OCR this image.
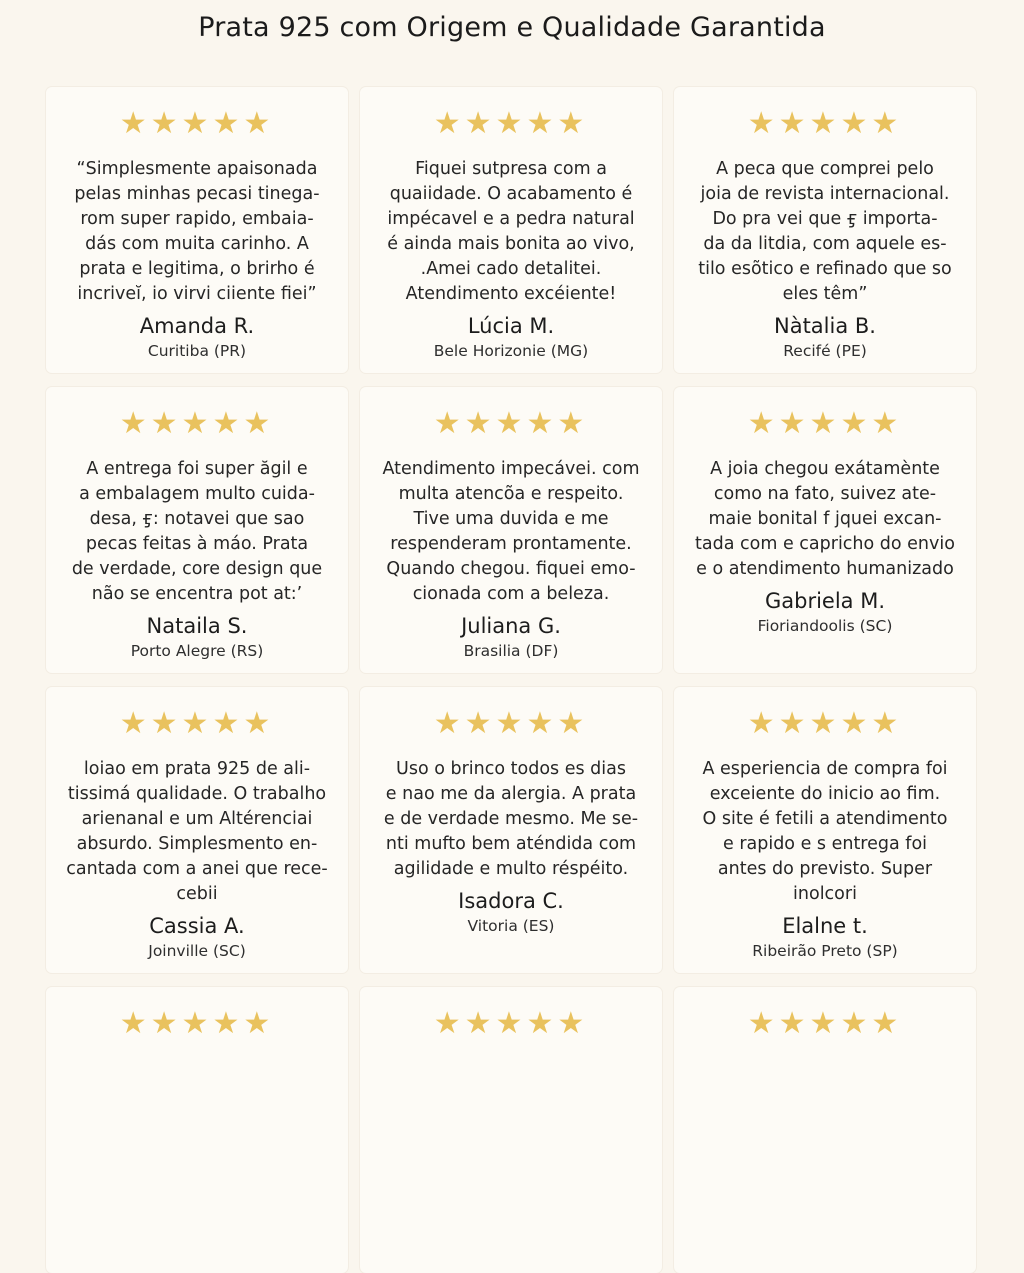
Prata 925 com Origem e Qualidade Garantida
★★★★★

“Simplesmente apaisonada
pelas minhas pecasi tinega-
rom super rapido, embaia-
dás com muita carinho. A
prata e legitima, o brirho é
incriveĭ, io virvi ciiente fiei”

Amanda R.
Curitiba (PR)
★★★★★

Fiquei sutpresa com a
quaiidade. O acabamento é
impécavel e a pedra natural
é ainda mais bonita ao vivo,
.Amei cado detalitei.
Atendimento excéiente!

Lúcia M.
Bele Horizonie (MG)
★★★★★

A peca que comprei pelo
joia de revista internacional.
Do pra vei que ӻ importa-
da da litdia, com aquele es-
tilo esõtico e refinado que so
eles têm”

Nàtalia B.
Recifé (PE)
★★★★★

A entrega foi super ăgil e
a embalagem multo cuida-
desa, ӻ: notavei que sao
pecas feitas à máo. Prata
de verdade, core design que
não se encentra pot at:’

Nataila S.
Porto Alegre (RS)
★★★★★

Atendimento impecávei. com
multa atencõa e respeito.
Tive uma duvida e me
respenderam prontamente.
Quando chegou. fiquei emo-
cionada com a beleza.

Juliana G.
Brasilia (DF)
★★★★★

A joia chegou exátamènte
como na fato, suivez ate-
maie bonital f jquei excan-
tada com e capricho do envio
e o atendimento humanizado

Gabriela M.
Fioriandoolis (SC)
★★★★★

loiao em prata 925 de ali-
tissimá qualidade. O trabalho
arienanal e um Altérenciai
absurdo. Simplesmento en-
cantada com a anei que rece-
cebii

Cassia A.
Joinville (SC)
★★★★★

Uso o brinco todos es dias
e nao me da alergia. A prata
e de verdade mesmo. Me se-
nti mufto bem aténdida com
agilidade e multo réspéito.

Isadora C.
Vitoria (ES)
★★★★★

A esperiencia de compra foi
exceiente do inicio ao fim.
O site é fetili a atendimento
e rapido e s entrega foi
antes do previsto. Super
inolcori

Elalne t.
Ribeirão Preto (SP)
★★★★★	★★★★★	★★★★★
